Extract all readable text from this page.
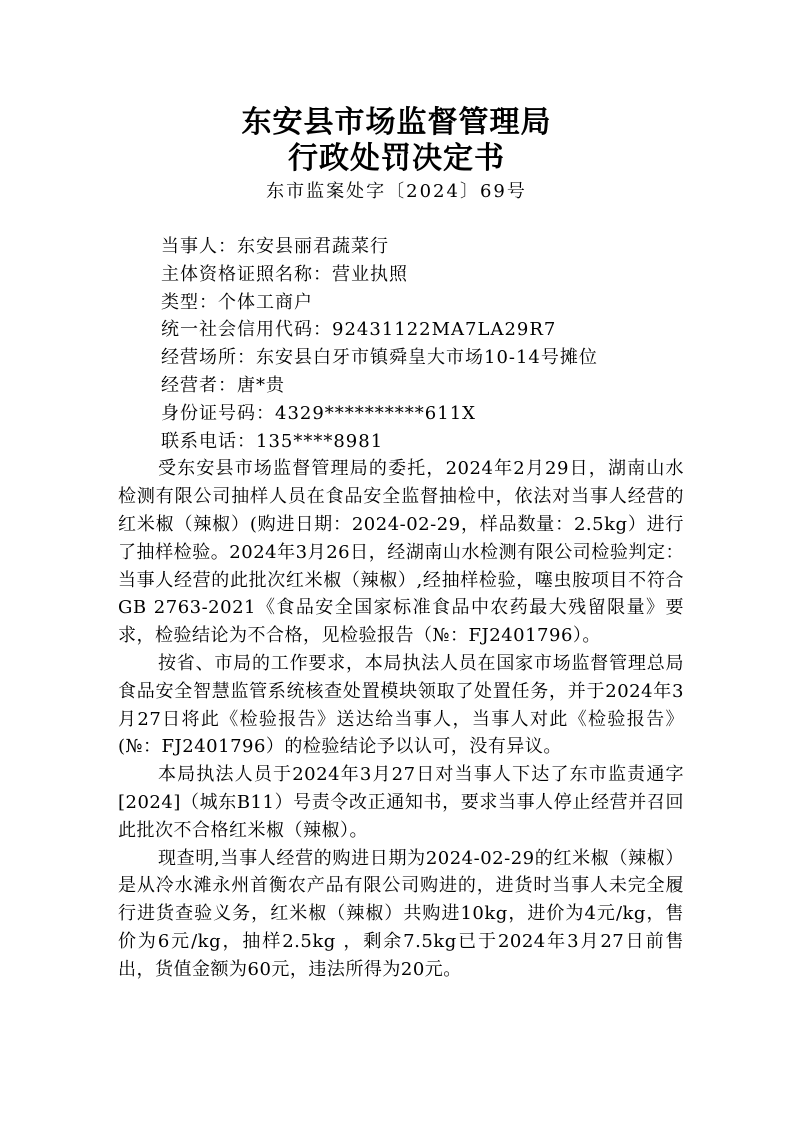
东安县市场监督管理局
行政处罚决定书
东市监案处字〔2024〕69号

当事人：东安县丽君蔬菜行

主体资格证照名称：营业执照

类型：个体工商户

统一社会信用代码：92431122MA7LA29R7

经营场所：东安县白牙市镇舜皇大市场10-14号摊位

经营者：唐*贵

身份证号码：4329**********611X

联系电话：135****8981

受东安县市场监督管理局的委托，2024年2月29日，湖南山水检测有限公司抽样人员在食品安全监督抽检中，依法对当事人经营的红米椒（辣椒）(购进日期：2024-02-29，样品数量：2.5kg）进行了抽样检验。2024年3月26日，经湖南山水检测有限公司检验判定：当事人经营的此批次红米椒（辣椒）,经抽样检验，噻虫胺项目不符合GB 2763-2021《食品安全国家标准食品中农药最大残留限量》要求，检验结论为不合格，见检验报告（№：FJ2401796）。

按省、市局的工作要求，本局执法人员在国家市场监督管理总局食品安全智慧监管系统核查处置模块领取了处置任务，并于2024年3月27日将此《检验报告》送达给当事人，当事人对此《检验报告》(№：FJ2401796）的检验结论予以认可，没有异议。

本局执法人员于2024年3月27日对当事人下达了东市监责通字[2024]（城东B11）号责令改正通知书，要求当事人停止经营并召回此批次不合格红米椒（辣椒）。

现查明,当事人经营的购进日期为2024-02-29的红米椒（辣椒）是从冷水滩永州首衡农产品有限公司购进的，进货时当事人未完全履行进货查验义务，红米椒（辣椒）共购进10kg，进价为4元/kg，售价为6元/kg，抽样2.5kg ，剩余7.5kg已于2024年3月27日前售出，货值金额为60元，违法所得为20元。
